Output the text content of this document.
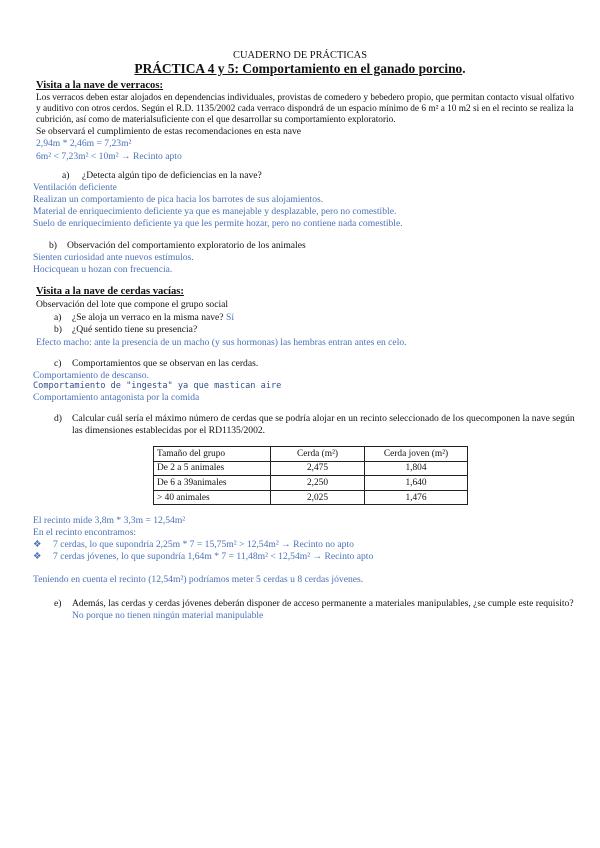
CUADERNO DE PRÁCTICAS
PRÁCTICA 4 y 5: Comportamiento en el ganado porcino.
Visita a la nave de verracos:
Los verracos deben estar alojados en dependencias individuales, provistas de comedero y bebedero propio, que permitan contacto visual olfativo y auditivo con otros cerdos. Según el R.D. 1135/2002 cada verraco dispondrá de un espacio mínimo de 6 m² a 10 m2 si en el recinto se realiza la cubrición, así como de materialsuficiente con el que desarrollar su comportamiento exploratorio.
Se observará el cumplimiento de estas recomendaciones en esta nave
2,94m * 2,46m = 7,23m²
6m² < 7,23m² < 10m² → Recinto apto
a) ¿Detecta algún tipo de deficiencias en la nave?
Ventilación deficiente
Realizan un comportamiento de pica hacia los barrotes de sus alojamientos.
Material de enriquecimiento deficiente ya que es manejable y desplazable, pero no comestible.
Suelo de enriquecimiento deficiente ya que les permite hozar, pero no contiene nada comestible.
b) Observación del comportamiento exploratorio de los animales
Sienten curiosidad ante nuevos estímulos.
Hocicquean u hozan con frecuencia.
Visita a la nave de cerdas vacías:
Observación del lote que compone el grupo social
a) ¿Se aloja un verraco en la misma nave? Sí
b) ¿Qué sentido tiene su presencia?
Efecto macho: ante la presencia de un macho (y sus hormonas) las hembras entran antes en celo.
c) Comportamientos que se observan en las cerdas.
Comportamiento de descanso.
Comportamiento de "ingesta" ya que mastican aire
Comportamiento antagonista por la comida
d)	Calcular cuál sería el máximo número de cerdas que se podría alojar en un recinto seleccionado de los quecomponen la nave según las dimensiones establecidas por el RD1135/2002.
Tamaño del grupo	Cerda (m²)	Cerda joven (m²)
De 2 a 5 animales	2,475	1,804
De 6 a 39animales	2,250	1,640
> 40 animales	2,025	1,476
El recinto mide 3,8m * 3,3m = 12,54m²
En el recinto encontramos:
❖ 7 cerdas, lo que supondría 2,25m * 7 = 15,75m² > 12,54m² → Recinto no apto
❖ 7 cerdas jóvenes, lo que supondría 1,64m * 7 = 11,48m² < 12,54m² → Recinto apto
Teniendo en cuenta el recinto (12,54m²) podríamos meter 5 cerdas u 8 cerdas jóvenes.
e)	Además, las cerdas y cerdas jóvenes deberán disponer de acceso permanente a materiales manipulables, ¿se cumple este requisito? No porque no tienen ningún material manipulable
